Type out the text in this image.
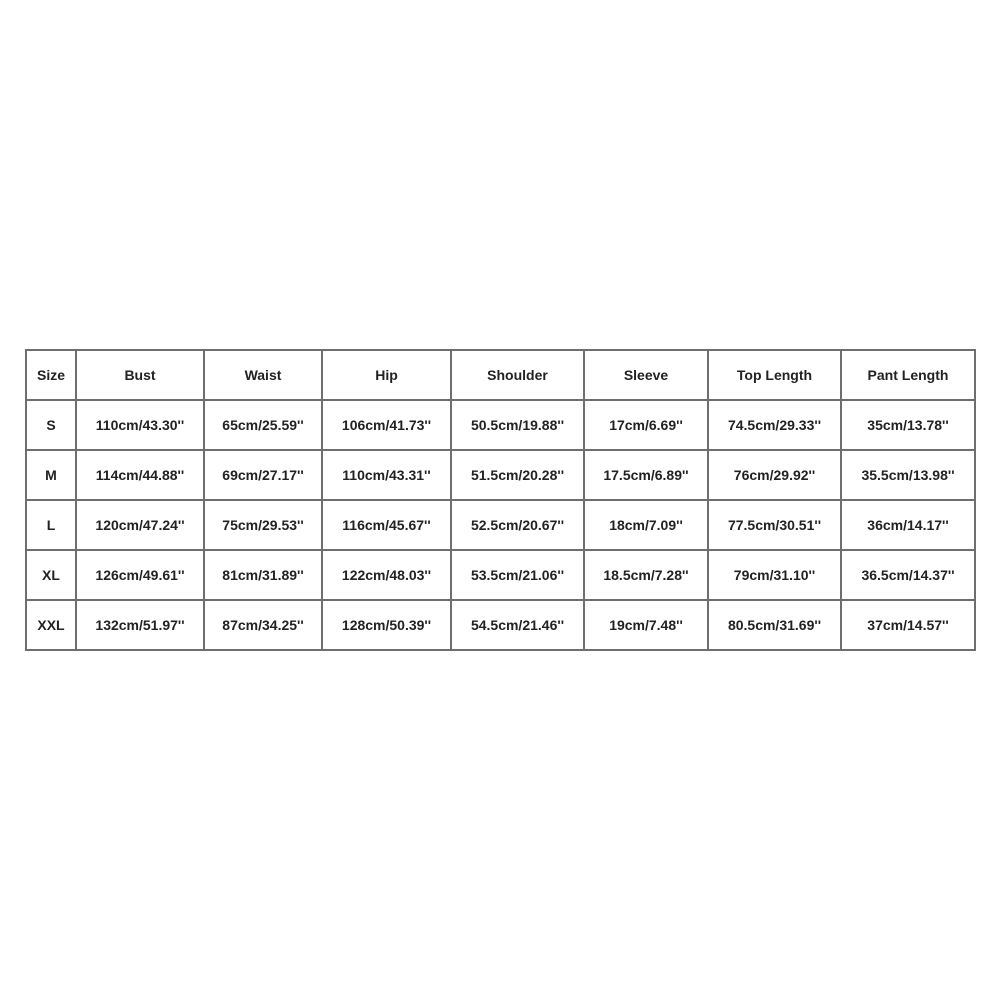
Size	Bust	Waist	Hip	Shoulder	Sleeve	Top Length	Pant Length
S	110cm/43.30''	65cm/25.59''	106cm/41.73''	50.5cm/19.88''	17cm/6.69''	74.5cm/29.33''	35cm/13.78''
M	114cm/44.88''	69cm/27.17''	110cm/43.31''	51.5cm/20.28''	17.5cm/6.89''	76cm/29.92''	35.5cm/13.98''
L	120cm/47.24''	75cm/29.53''	116cm/45.67''	52.5cm/20.67''	18cm/7.09''	77.5cm/30.51''	36cm/14.17''
XL	126cm/49.61''	81cm/31.89''	122cm/48.03''	53.5cm/21.06''	18.5cm/7.28''	79cm/31.10''	36.5cm/14.37''
XXL	132cm/51.97''	87cm/34.25''	128cm/50.39''	54.5cm/21.46''	19cm/7.48''	80.5cm/31.69''	37cm/14.57''
